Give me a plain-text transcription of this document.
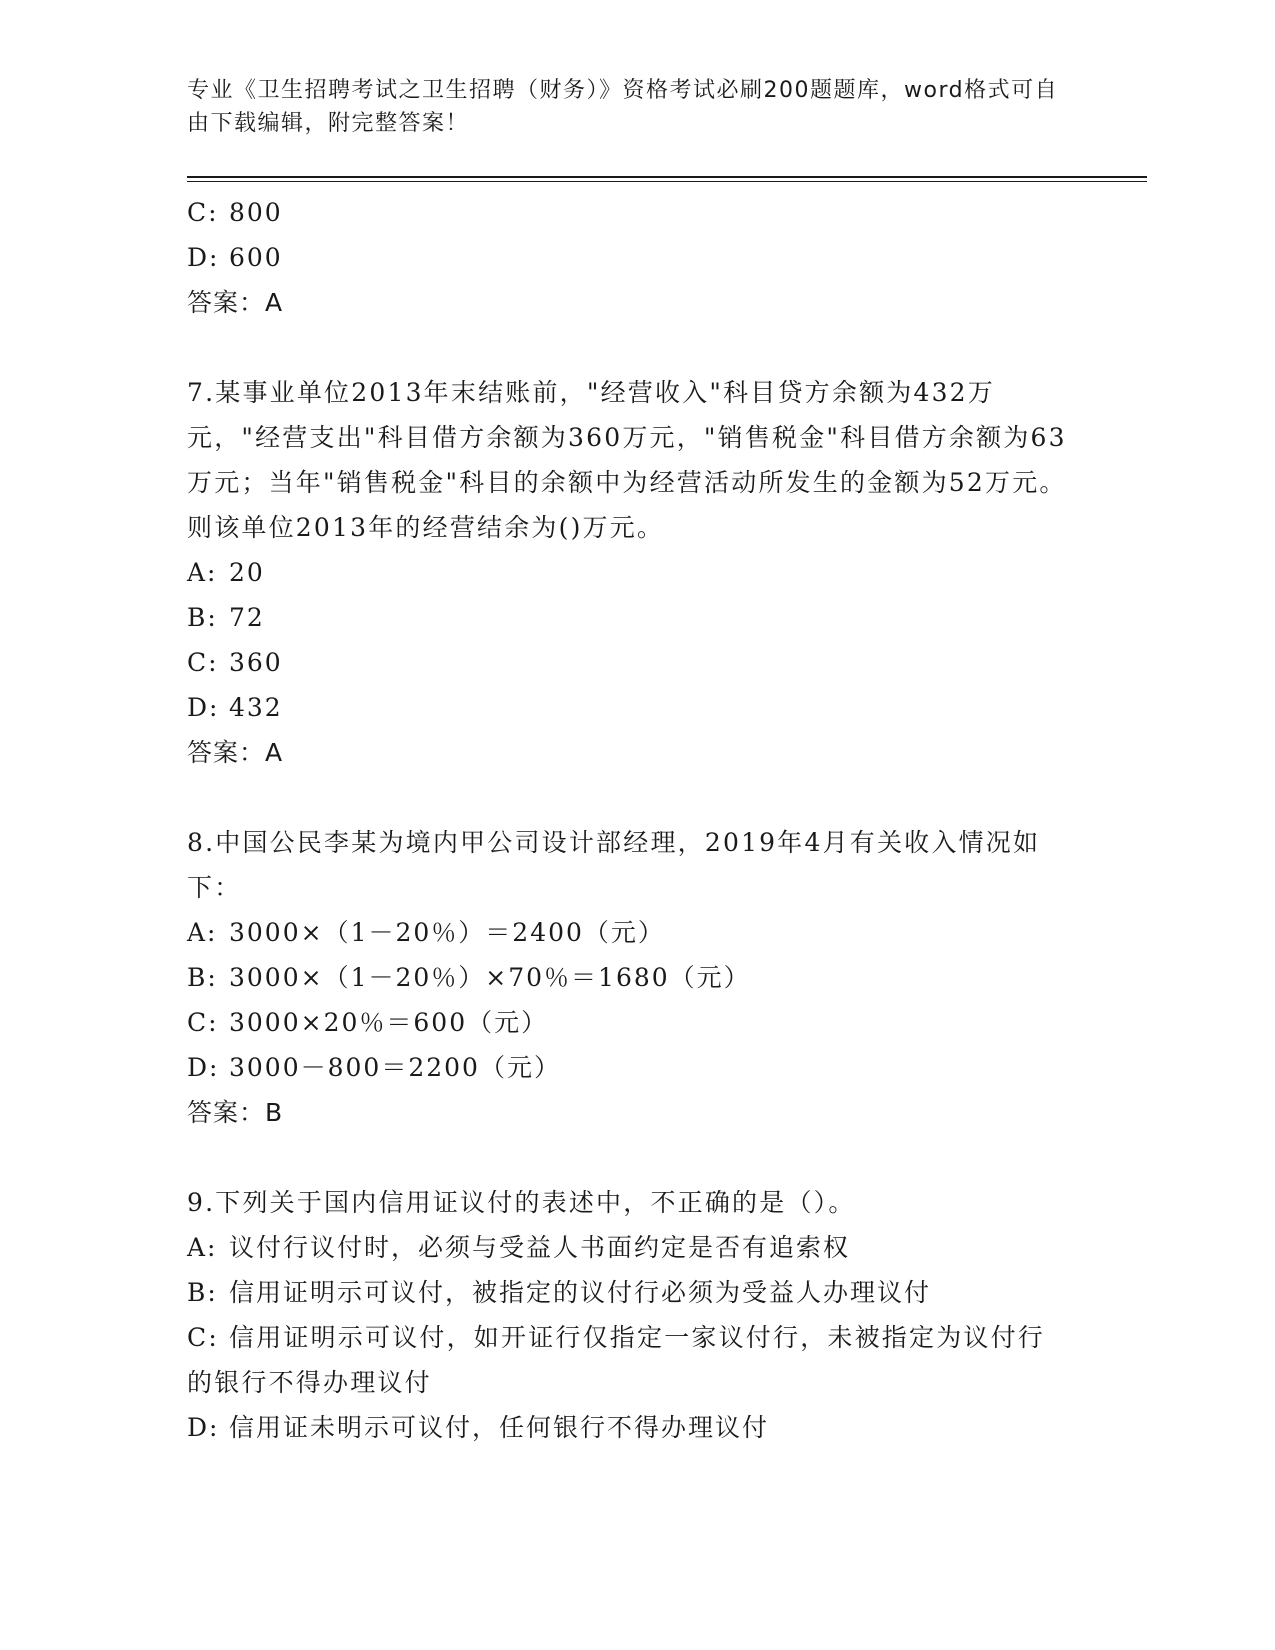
专业《卫生招聘考试之卫生招聘（财务）》资格考试必刷200题题库，word格式可自由下载编辑，附完整答案！

C: 800

D: 600

答案：A

7.某事业单位2013年末结账前，"经营收入"科目贷方余额为432万元，"经营支出"科目借方余额为360万元，"销售税金"科目借方余额为63万元；当年"销售税金"科目的余额中为经营活动所发生的金额为52万元。则该单位2013年的经营结余为()万元。

A: 20

B: 72

C: 360

D: 432

答案：A

8.中国公民李某为境内甲公司设计部经理，2019年4月有关收入情况如下：

A: 3000×（1－20％）＝2400（元）

B: 3000×（1－20％）×70％＝1680（元）

C: 3000×20％＝600（元）

D: 3000－800＝2200（元）

答案：B

9.下列关于国内信用证议付的表述中，不正确的是（）。

A: 议付行议付时，必须与受益人书面约定是否有追索权

B: 信用证明示可议付，被指定的议付行必须为受益人办理议付

C: 信用证明示可议付，如开证行仅指定一家议付行，未被指定为议付行的银行不得办理议付

D: 信用证未明示可议付，任何银行不得办理议付
